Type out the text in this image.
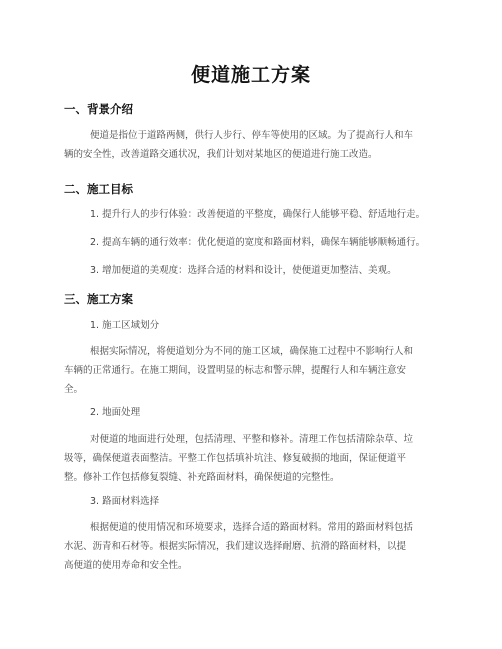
便道施工方案
一、背景介绍
便道是指位于道路两侧，供行人步行、停车等使用的区域。为了提高行人和车
辆的安全性，改善道路交通状况，我们计划对某地区的便道进行施工改造。
二、施工目标
1. 提升行人的步行体验：改善便道的平整度，确保行人能够平稳、舒适地行走。
2. 提高车辆的通行效率：优化便道的宽度和路面材料，确保车辆能够顺畅通行。
3. 增加便道的美观度：选择合适的材料和设计，使便道更加整洁、美观。
三、施工方案
1. 施工区域划分
根据实际情况，将便道划分为不同的施工区域，确保施工过程中不影响行人和
车辆的正常通行。在施工期间，设置明显的标志和警示牌，提醒行人和车辆注意安
全。
2. 地面处理
对便道的地面进行处理，包括清理、平整和修补。清理工作包括清除杂草、垃
圾等，确保便道表面整洁。平整工作包括填补坑洼、修复破损的地面，保证便道平
整。修补工作包括修复裂缝、补充路面材料，确保便道的完整性。
3. 路面材料选择
根据便道的使用情况和环境要求，选择合适的路面材料。常用的路面材料包括
水泥、沥青和石材等。根据实际情况，我们建议选择耐磨、抗滑的路面材料，以提
高便道的使用寿命和安全性。
